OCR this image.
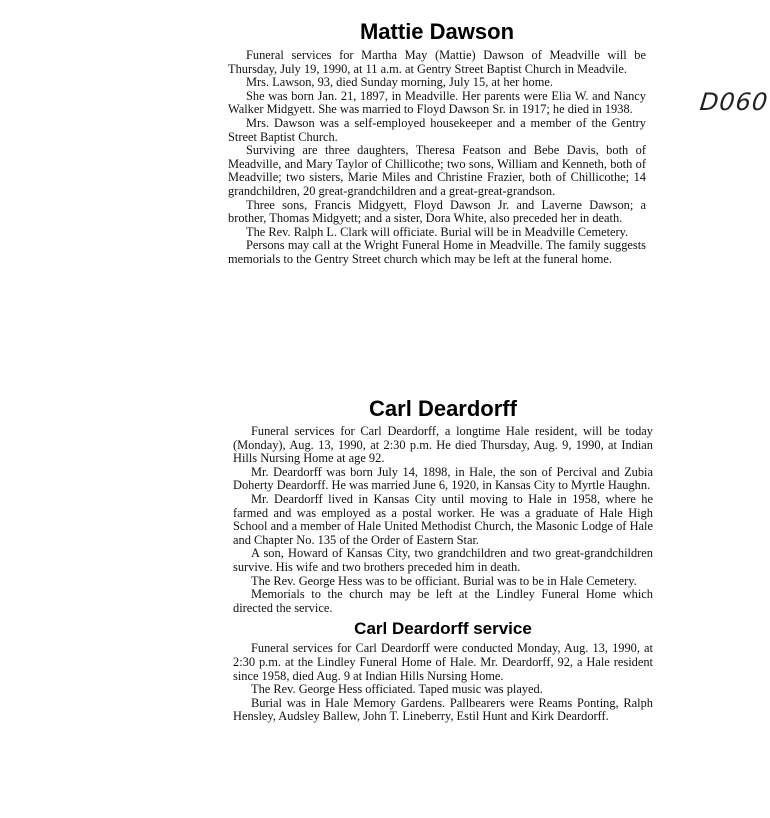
Mattie Dawson

Funeral services for Martha May (Mattie) Dawson of Meadville will be Thursday, July 19, 1990, at 11 a.m. at Gentry Street Baptist Church in Meadvile.

Mrs. Lawson, 93, died Sunday morning, July 15, at her home.

She was born Jan. 21, 1897, in Meadville. Her parents were Elia W. and Nancy Walker Midgyett. She was married to Floyd Dawson Sr. in 1917; he died in 1938.

Mrs. Dawson was a self-employed housekeeper and a member of the Gentry Street Baptist Church.

Surviving are three daughters, Theresa Featson and Bebe Davis, both of Meadville, and Mary Taylor of Chillicothe; two sons, William and Kenneth, both of Meadville; two sisters, Marie Miles and Christine Frazier, both of Chillicothe; 14 grandchildren, 20 great-grandchildren and a great-great-grandson.

Three sons, Francis Midgyett, Floyd Dawson Jr. and Laverne Dawson; a brother, Thomas Midgyett; and a sister, Dora White, also preceded her in death.

The Rev. Ralph L. Clark will officiate. Burial will be in Meadville Cemetery.

Persons may call at the Wright Funeral Home in Meadville. The family suggests memorials to the Gentry Street church which may be left at the funeral home.

D060
Carl Deardorff

Funeral services for Carl Deardorff, a longtime Hale resident, will be today (Monday), Aug. 13, 1990, at 2:30 p.m. He died Thursday, Aug. 9, 1990, at Indian Hills Nursing Home at age 92.

Mr. Deardorff was born July 14, 1898, in Hale, the son of Percival and Zubia Doherty Deardorff. He was married June 6, 1920, in Kansas City to Myrtle Haughn.

Mr. Deardorff lived in Kansas City until moving to Hale in 1958, where he farmed and was employed as a postal worker. He was a graduate of Hale High School and a member of Hale United Methodist Church, the Masonic Lodge of Hale and Chapter No. 135 of the Order of Eastern Star.

A son, Howard of Kansas City, two grandchildren and two great-grandchildren survive. His wife and two brothers preceded him in death.

The Rev. George Hess was to be officiant. Burial was to be in Hale Cemetery.

Memorials to the church may be left at the Lindley Funeral Home which directed the service.

Carl Deardorff service

Funeral services for Carl Deardorff were conducted Monday, Aug. 13, 1990, at 2:30 p.m. at the Lindley Funeral Home of Hale. Mr. Deardorff, 92, a Hale resident since 1958, died Aug. 9 at Indian Hills Nursing Home.

The Rev. George Hess officiated. Taped music was played.

Burial was in Hale Memory Gardens. Pallbearers were Reams Ponting, Ralph Hensley, Audsley Ballew, John T. Lineberry, Estil Hunt and Kirk Deardorff.
